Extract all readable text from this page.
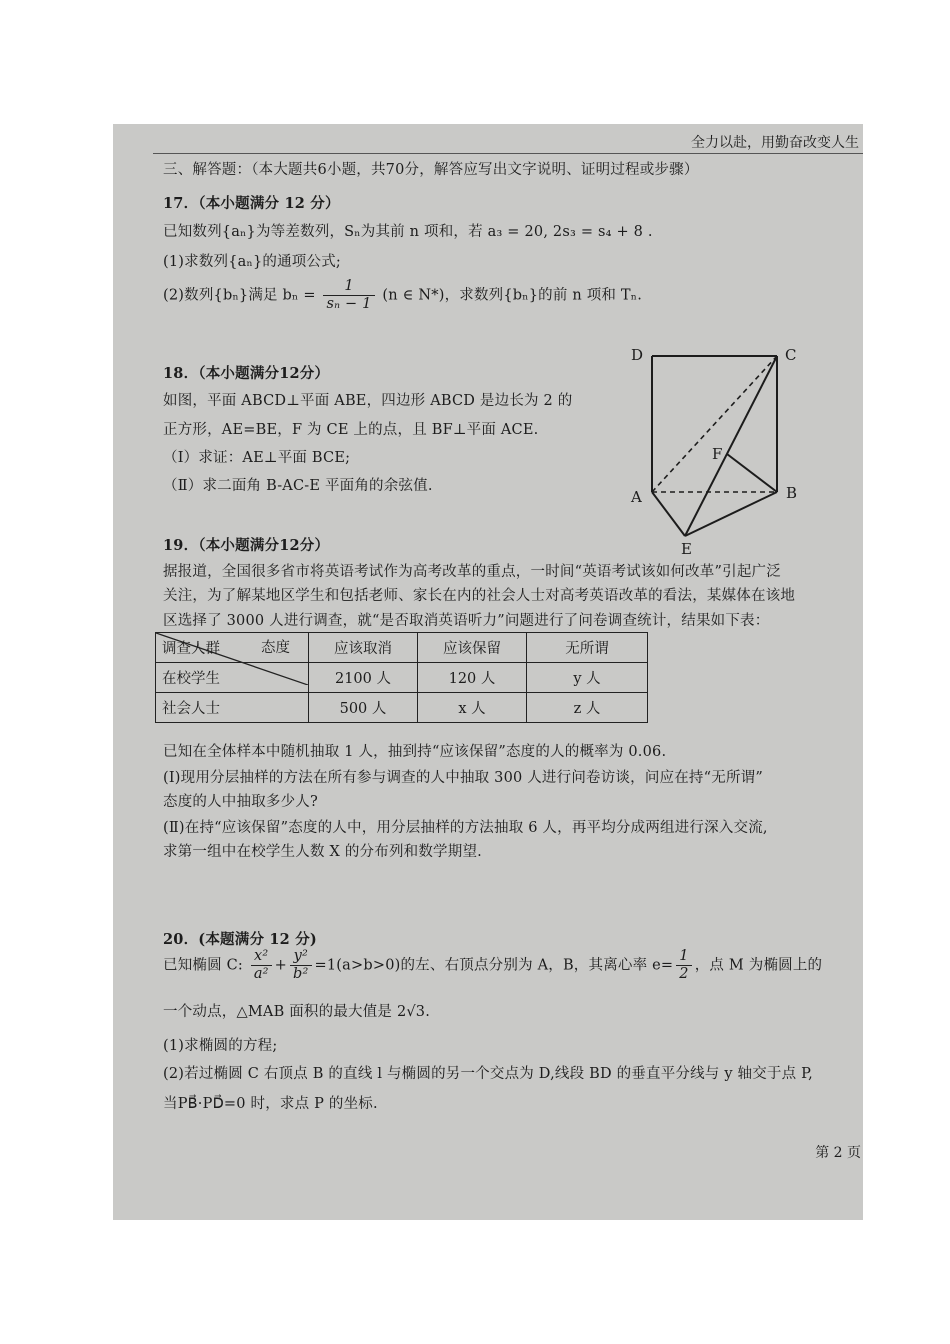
全力以赴，用勤奋改变人生
三、解答题：（本大题共6小题，共70分，解答应写出文字说明、证明过程或步骤）
17．（本小题满分 12 分）
已知数列{aₙ}为等差数列，Sₙ为其前 n 项和，若 a₃ = 20, 2s₃ = s₄ + 8 .
(1)求数列{aₙ}的通项公式;
(2)数列{bₙ}满足 $b_n = \frac{1}{\text{sₙ − 1}} (n$ ∈ N*)，求数列{bₙ}的前 n 项和 Tₙ.
18．（本小题满分12分）
如图，平面 ABCD⊥平面 ABE，四边形 ABCD 是边长为 2 的
正方形，AE=BE，F 为 CE 上的点，且 BF⊥平面 ACE.
（Ⅰ）求证：AE⊥平面 BCE;
（Ⅱ）求二面角 B-AC-E 平面角的余弦值.
D	C
A	B
E
F
19．（本小题满分12分）
据报道，全国很多省市将英语考试作为高考改革的重点，一时间“英语考试该如何改革”引起广泛
关注，为了解某地区学生和包括老师、家长在内的社会人士对高考英语改革的看法，某媒体在该地
区选择了 3000 人进行调查，就“是否取消英语听力”问题进行了问卷调查统计，结果如下表：
态度
调查人群	应该取消	应该保留	无所谓
在校学生	2100 人	120 人	y 人
社会人士	500 人	x 人	z 人
已知在全体样本中随机抽取 1 人，抽到持“应该保留”态度的人的概率为 0.06.
(Ⅰ)现用分层抽样的方法在所有参与调查的人中抽取 300 人进行问卷访谈，问应在持“无所谓”
态度的人中抽取多少人?
(Ⅱ)在持“应该保留”态度的人中，用分层抽样的方法抽取 6 人，再平均分成两组进行深入交流,
求第一组中在校学生人数 X 的分布列和数学期望.
20．(本题满分 12 分)
已知椭圆 C: $\frac{\text{x²}}{\text{a²}} + \frac{\text{y²}}{\text{b²}} =1(a>b>0)$的左、右顶点分别为 A，B，其离心率 $e= \frac{1}{2}$ ，点 M 为椭圆上的
一个动点，△MAB 面积的最大值是 2√3.
(1)求椭圆的方程;
(2)若过椭圆 C 右顶点 B 的直线 l 与椭圆的另一个交点为 D,线段 BD 的垂直平分线与 y 轴交于点 P,
当PB⃗·PD⃗=0 时，求点 P 的坐标.
第 2 页
